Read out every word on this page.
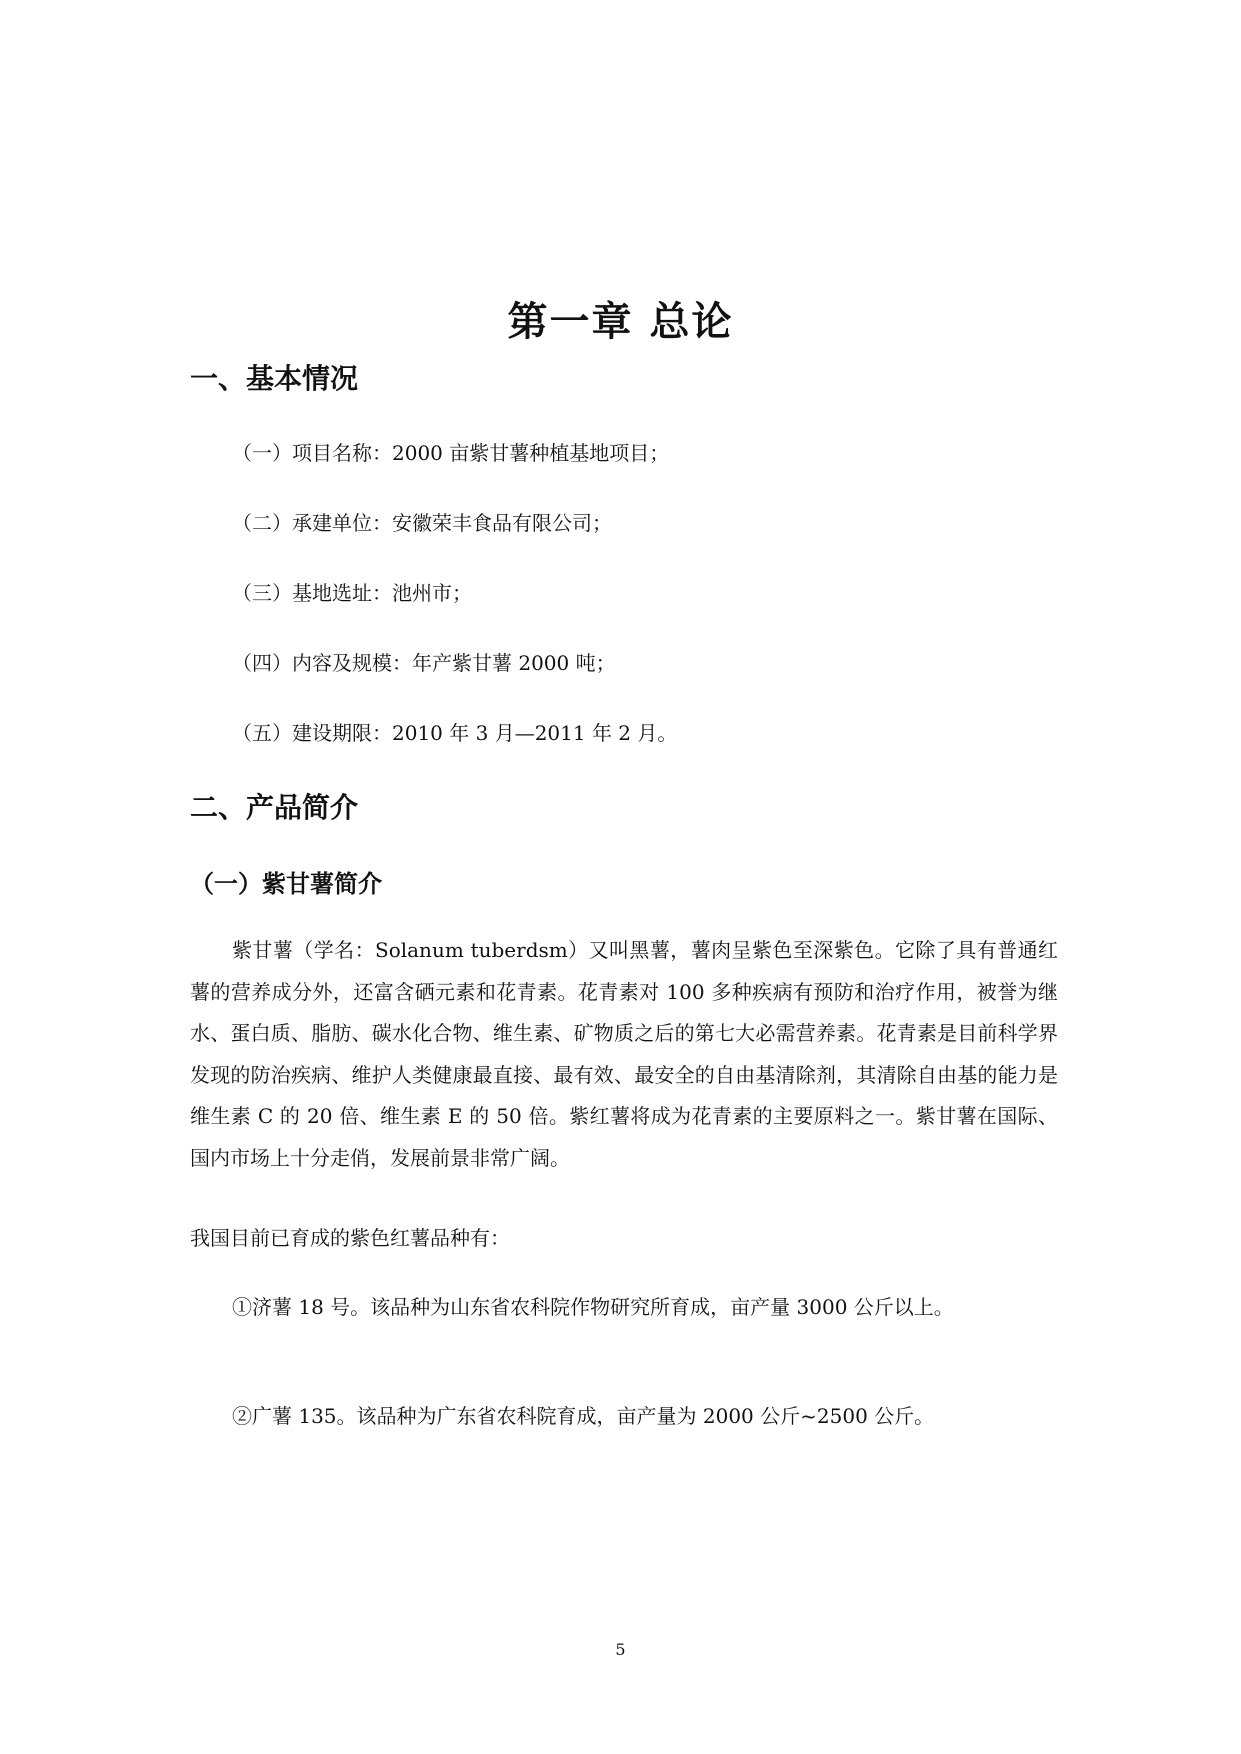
第一章 总论
一、基本情况
（一）项目名称：2000 亩紫甘薯种植基地项目；
（二）承建单位：安徽荣丰食品有限公司；
（三）基地选址：池州市；
（四）内容及规模：年产紫甘薯 2000 吨；
（五）建设期限：2010 年 3 月—2011 年 2 月。
二、产品简介
（一）紫甘薯简介
紫甘薯（学名：Solanum tuberdsm）又叫黑薯，薯肉呈紫色至深紫色。它除了具有普通红薯的营养成分外，还富含硒元素和花青素。花青素对 100 多种疾病有预防和治疗作用，被誉为继水、蛋白质、脂肪、碳水化合物、维生素、矿物质之后的第七大必需营养素。花青素是目前科学界发现的防治疾病、维护人类健康最直接、最有效、最安全的自由基清除剂，其清除自由基的能力是维生素 C 的 20 倍、维生素 E 的 50 倍。紫红薯将成为花青素的主要原料之一。紫甘薯在国际、国内市场上十分走俏，发展前景非常广阔。
我国目前已育成的紫色红薯品种有：
①济薯 18 号。该品种为山东省农科院作物研究所育成，亩产量 3000 公斤以上。
②广薯 135。该品种为广东省农科院育成，亩产量为 2000 公斤~2500 公斤。
5
